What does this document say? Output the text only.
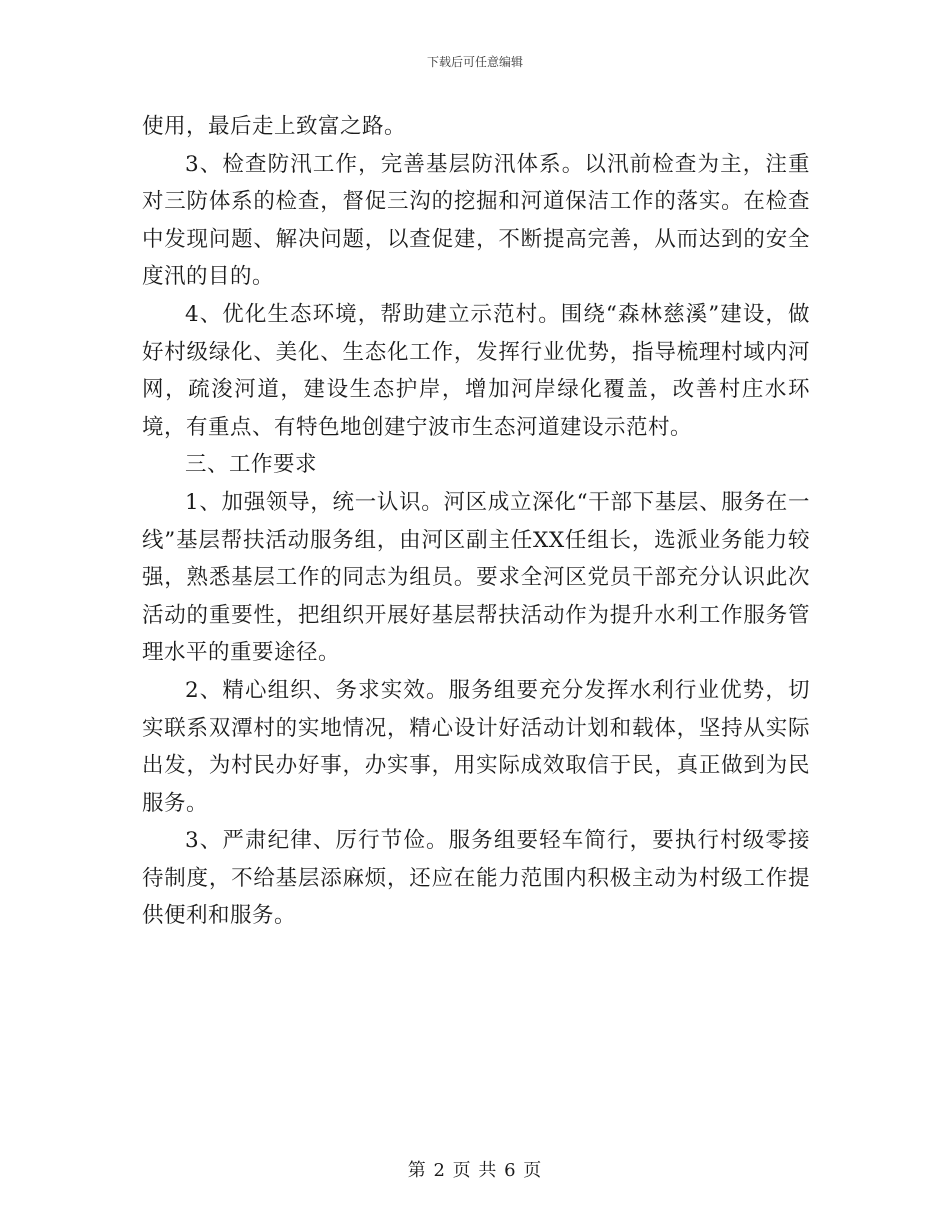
下载后可任意编辑

使用，最后走上致富之路。

3、检查防汛工作，完善基层防汛体系。以汛前检查为主，注重对三防体系的检查，督促三沟的挖掘和河道保洁工作的落实。在检查中发现问题、解决问题，以查促建，不断提高完善，从而达到的安全度汛的目的。

4、优化生态环境，帮助建立示范村。围绕“森林慈溪”建设，做好村级绿化、美化、生态化工作，发挥行业优势，指导梳理村域内河网，疏浚河道，建设生态护岸，增加河岸绿化覆盖，改善村庄水环境，有重点、有特色地创建宁波市生态河道建设示范村。

三、工作要求

1、加强领导，统一认识。河区成立深化“干部下基层、服务在一线”基层帮扶活动服务组，由河区副主任XX任组长，选派业务能力较强，熟悉基层工作的同志为组员。要求全河区党员干部充分认识此次活动的重要性，把组织开展好基层帮扶活动作为提升水利工作服务管理水平的重要途径。

2、精心组织、务求实效。服务组要充分发挥水利行业优势，切实联系双潭村的实地情况，精心设计好活动计划和载体，坚持从实际出发，为村民办好事，办实事，用实际成效取信于民，真正做到为民服务。

3、严肃纪律、厉行节俭。服务组要轻车简行，要执行村级零接待制度，不给基层添麻烦，还应在能力范围内积极主动为村级工作提供便利和服务。

第 2 页 共 6 页
